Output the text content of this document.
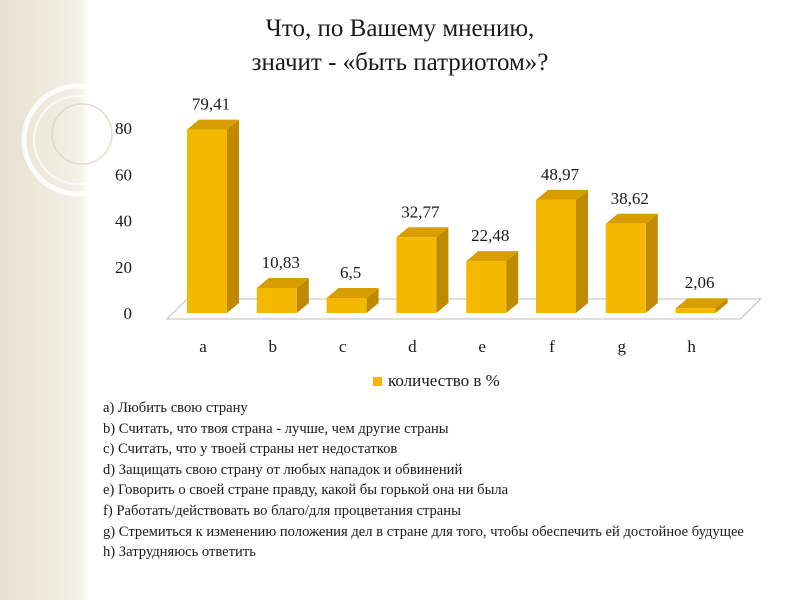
Что, по Вашему мнению,
значит - «быть патриотом»?
0
20
40
60
80
79,41
a
10,83
b
6,5
c
32,77
d
22,48
e
48,97
f
38,62
g
2,06
h
количество в %
а) Любить свою страну
b) Считать, что твоя страна - лучше, чем другие страны
c) Считать, что у твоей страны нет недостатков
d) Защищать свою страну от любых нападок и обвинений
e) Говорить о своей стране правду, какой бы горькой она ни была
f) Работать/действовать во благо/для процветания страны
g) Стремиться к изменению положения дел в стране для того, чтобы обеспечить ей достойное будущее
h) Затрудняюсь ответить
